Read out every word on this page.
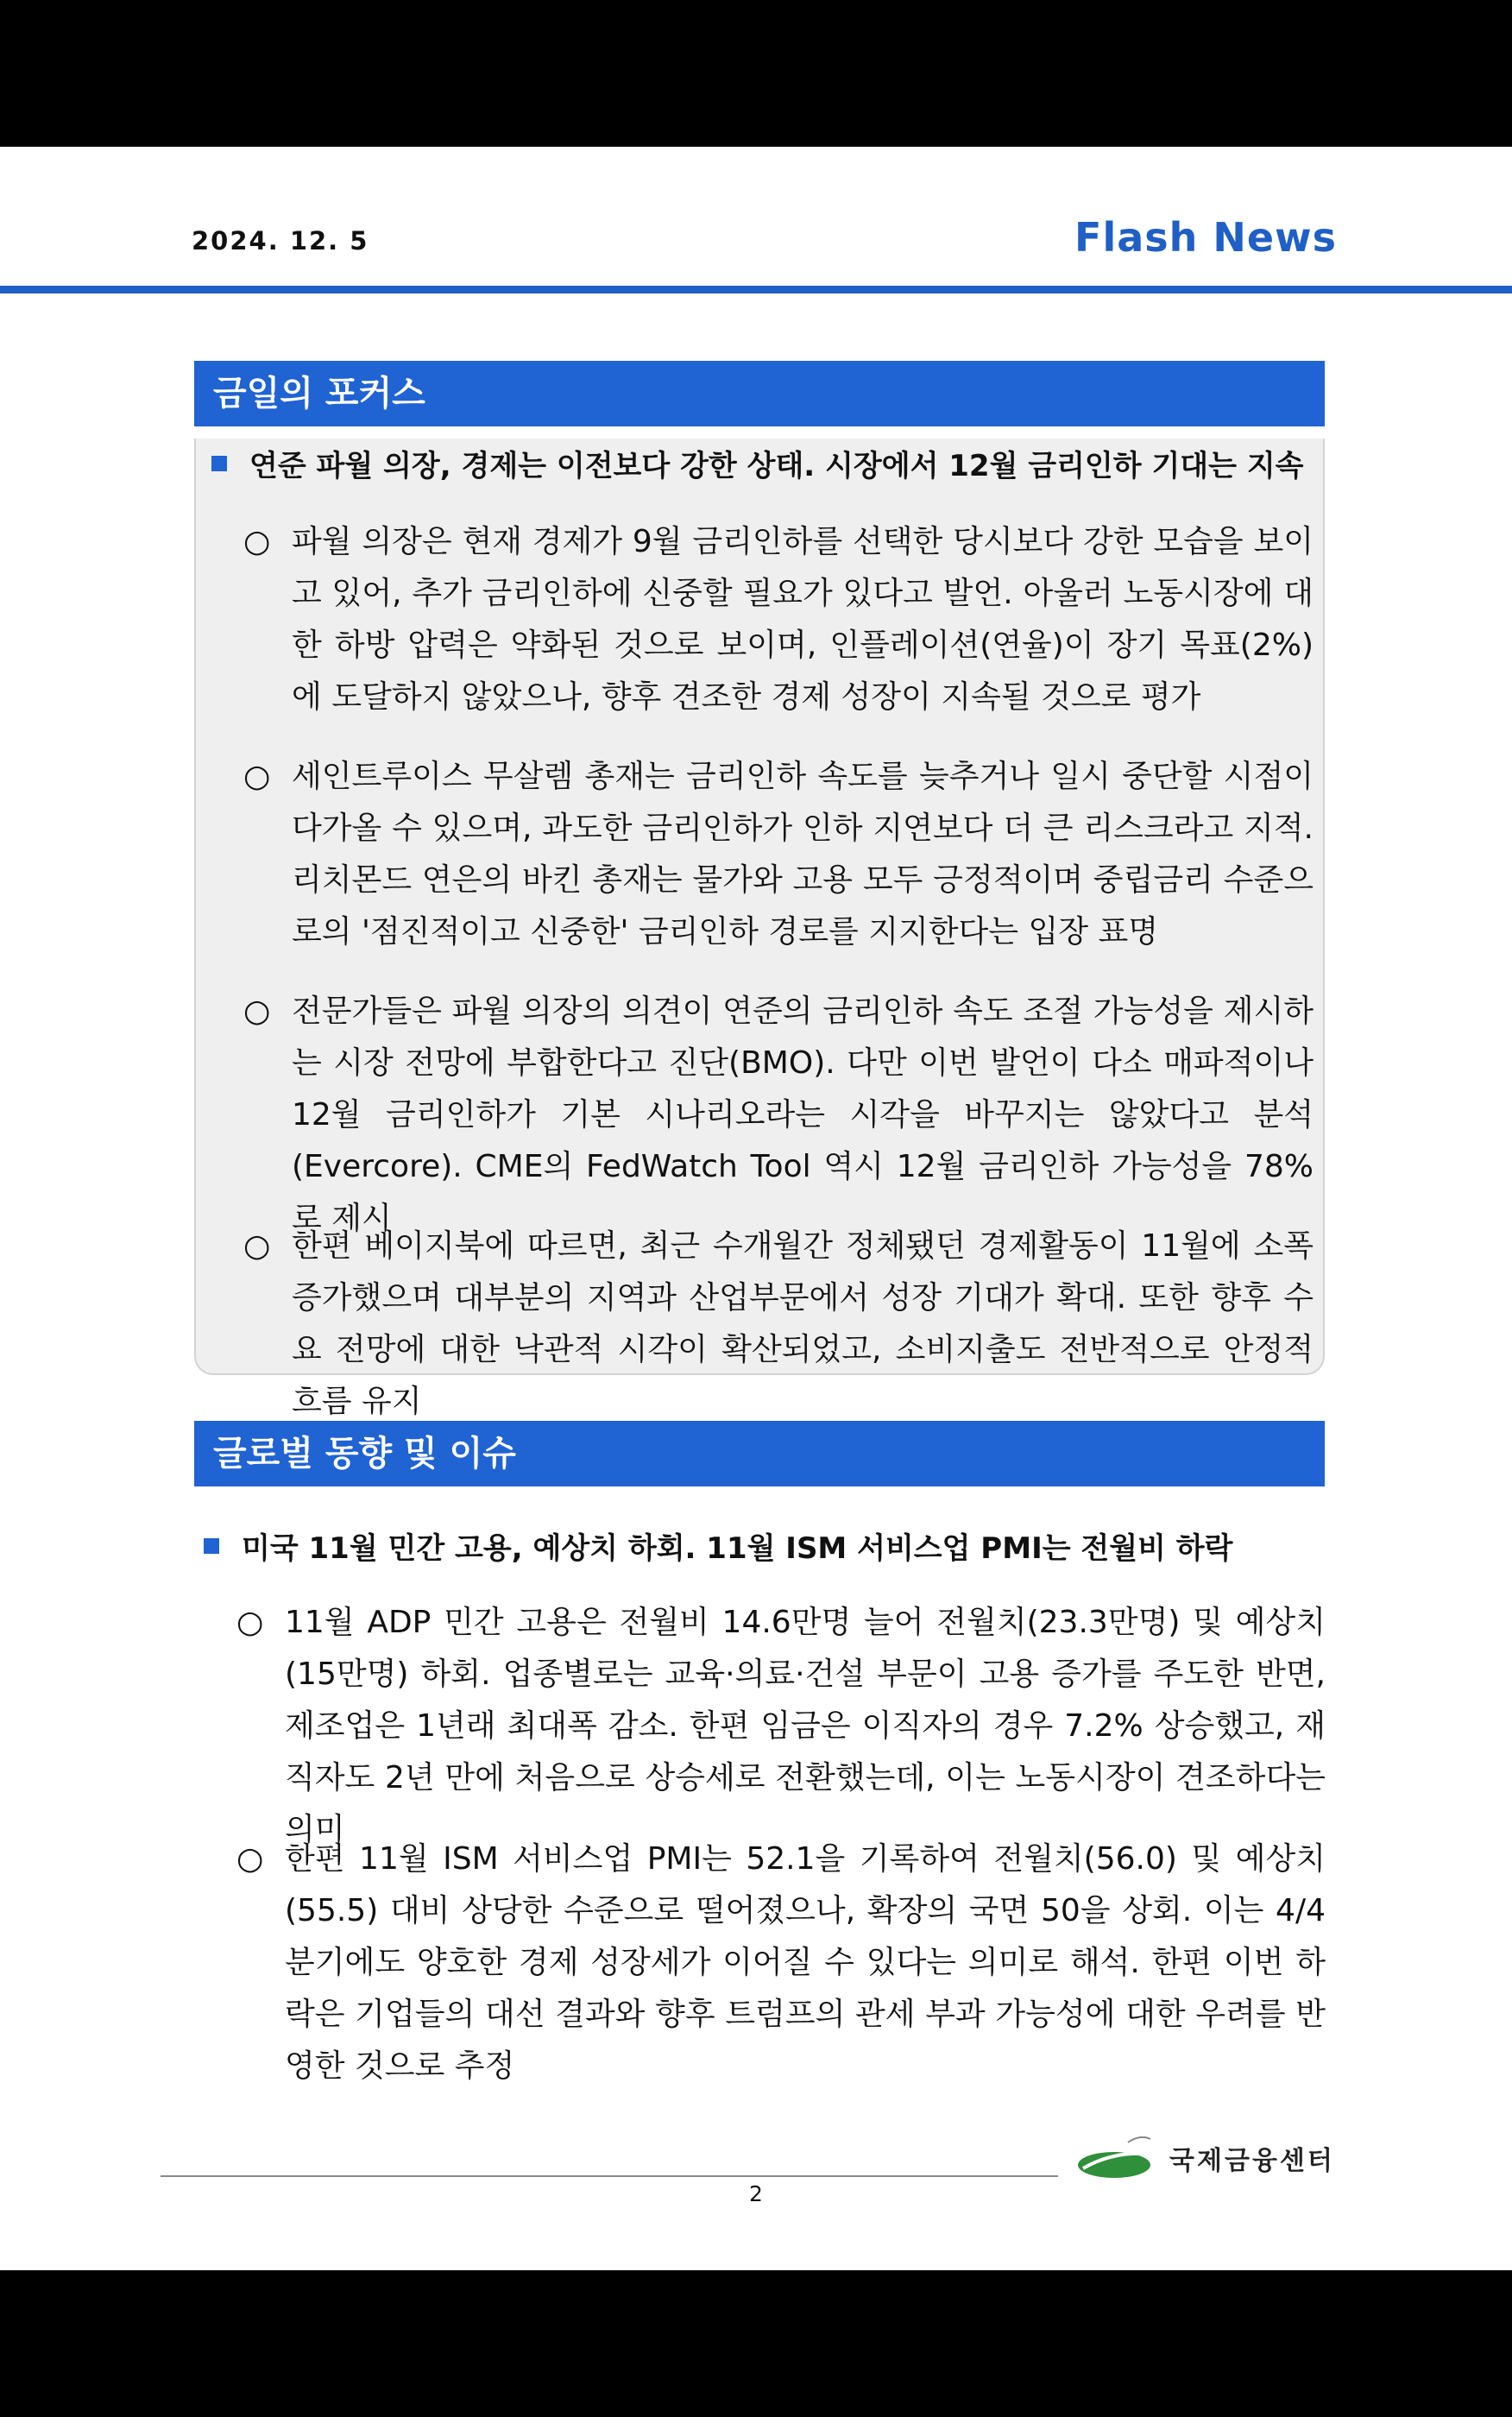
2024. 12. 5	Flash News
금일의 포커스
연준 파월 의장, 경제는 이전보다 강한 상태. 시장에서 12월 금리인하 기대는 지속
○ 파월 의장은 현재 경제가 9월 금리인하를 선택한 당시보다 강한 모습을 보이고 있어, 추가 금리인하에 신중할 필요가 있다고 발언. 아울러 노동시장에 대한 하방 압력은 약화된 것으로 보이며, 인플레이션(연율)이 장기 목표(2%)에 도달하지 않았으나, 향후 견조한 경제 성장이 지속될 것으로 평가
○ 세인트루이스 무살렘 총재는 금리인하 속도를 늦추거나 일시 중단할 시점이 다가올 수 있으며, 과도한 금리인하가 인하 지연보다 더 큰 리스크라고 지적. 리치몬드 연은의 바킨 총재는 물가와 고용 모두 긍정적이며 중립금리 수준으로의 '점진적이고 신중한' 금리인하 경로를 지지한다는 입장 표명
○ 전문가들은 파월 의장의 의견이 연준의 금리인하 속도 조절 가능성을 제시하는 시장 전망에 부합한다고 진단(BMO). 다만 이번 발언이 다소 매파적이나 12월 금리인하가 기본 시나리오라는 시각을 바꾸지는 않았다고 분석(Evercore). CME의 FedWatch Tool 역시 12월 금리인하 가능성을 78%로 제시
○ 한편 베이지북에 따르면, 최근 수개월간 정체됐던 경제활동이 11월에 소폭 증가했으며 대부분의 지역과 산업부문에서 성장 기대가 확대. 또한 향후 수요 전망에 대한 낙관적 시각이 확산되었고, 소비지출도 전반적으로 안정적 흐름 유지
글로벌 동향 및 이슈
미국 11월 민간 고용, 예상치 하회. 11월 ISM 서비스업 PMI는 전월비 하락
○ 11월 ADP 민간 고용은 전월비 14.6만명 늘어 전월치(23.3만명) 및 예상치(15만명) 하회. 업종별로는 교육·의료·건설 부문이 고용 증가를 주도한 반면, 제조업은 1년래 최대폭 감소. 한편 임금은 이직자의 경우 7.2% 상승했고, 재직자도 2년 만에 처음으로 상승세로 전환했는데, 이는 노동시장이 견조하다는 의미
○ 한편 11월 ISM 서비스업 PMI는 52.1을 기록하여 전월치(56.0) 및 예상치(55.5) 대비 상당한 수준으로 떨어졌으나, 확장의 국면 50을 상회. 이는 4/4분기에도 양호한 경제 성장세가 이어질 수 있다는 의미로 해석. 한편 이번 하락은 기업들의 대선 결과와 향후 트럼프의 관세 부과 가능성에 대한 우려를 반영한 것으로 추정
2
국제금융센터
